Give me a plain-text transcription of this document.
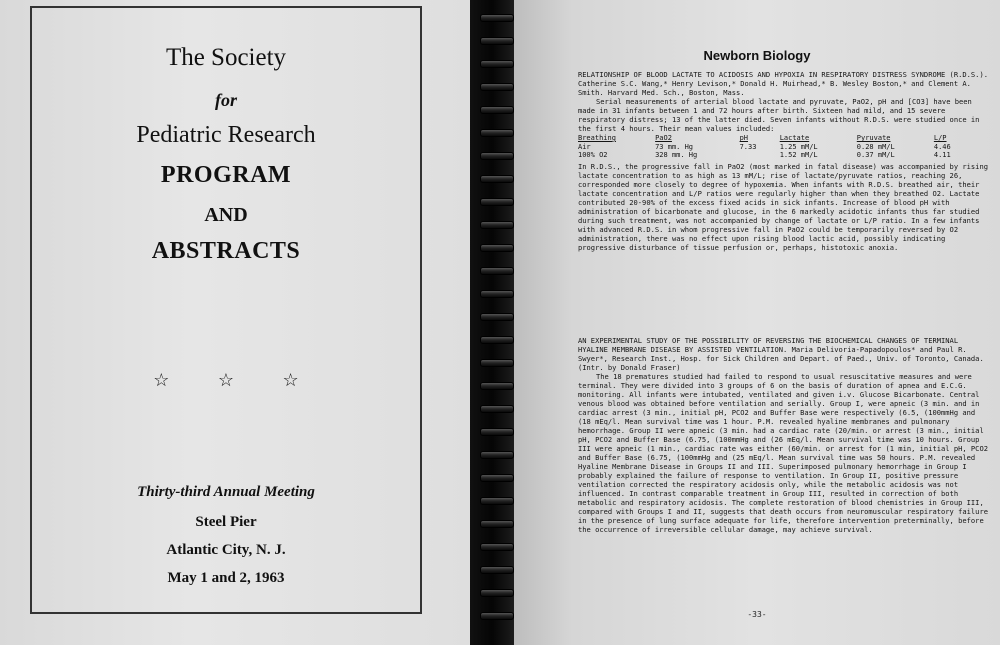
The Society
for
Pediatric Research
PROGRAM
AND
ABSTRACTS
☆ ☆ ☆
Thirty-third Annual Meeting
Steel Pier
Atlantic City, N. J.
May 1 and 2, 1963
Newborn Biology

RELATIONSHIP OF BLOOD LACTATE TO ACIDOSIS AND HYPOXIA IN RESPIRATORY DISTRESS SYNDROME (R.D.S.). Catherine S.C. Wang,* Henry Levison,* Donald H. Muirhead,* B. Wesley Boston,* and Clement A. Smith. Harvard Med. Sch., Boston, Mass.

Serial measurements of arterial blood lactate and pyruvate, PaO2, pH and [CO3] have been made in 31 infants between 1 and 72 hours after birth. Sixteen had mild, and 15 severe respiratory distress; 13 of the latter died. Seven infants without R.D.S. were studied once in the first 4 hours. Their mean values included:

Breathing	PaO2	pH	Lactate	Pyruvate	L/P
Air	73 mm. Hg	7.33	1.25 mM/L	0.28 mM/L	4.46
100% O2	328 mm. Hg		1.52 mM/L	0.37 mM/L	4.11

In R.D.S., the progressive fall in PaO2 (most marked in fatal disease) was accompanied by rising lactate concentration to as high as 13 mM/L; rise of lactate/pyruvate ratios, reaching 26, corresponded more closely to degree of hypoxemia. When infants with R.D.S. breathed air, their lactate concentration and L/P ratios were regularly higher than when they breathed O2. Lactate contributed 20-90% of the excess fixed acids in sick infants. Increase of blood pH with administration of bicarbonate and glucose, in the 6 markedly acidotic infants thus far studied during such treatment, was not accompanied by change of lactate or L/P ratio. In a few infants with advanced R.D.S. in whom progressive fall in PaO2 could be temporarily reversed by O2 administration, there was no effect upon rising blood lactic acid, possibly indicating progressive disturbance of tissue perfusion or, perhaps, histotoxic anoxia.

AN EXPERIMENTAL STUDY OF THE POSSIBILITY OF REVERSING THE BIOCHEMICAL CHANGES OF TERMINAL HYALINE MEMBRANE DISEASE BY ASSISTED VENTILATION. Maria Delivoria-Papadopoulos* and Paul R. Swyer*, Research Inst., Hosp. for Sick Children and Depart. of Paed., Univ. of Toronto, Canada. (Intr. by Donald Fraser)

The 18 prematures studied had failed to respond to usual resuscitative measures and were terminal. They were divided into 3 groups of 6 on the basis of duration of apnea and E.C.G. monitoring. All infants were intubated, ventilated and given i.v. Glucose Bicarbonate. Central venous blood was obtained before ventilation and serially. Group I, were apneic (3 min. and in cardiac arrest (3 min., initial pH, PCO2 and Buffer Base were respectively (6.5, (100mmHg and (18 mEq/l. Mean survival time was 1 hour. P.M. revealed hyaline membranes and pulmonary hemorrhage. Group II were apneic (3 min. had a cardiac rate (20/min. or arrest (3 min., initial pH, PCO2 and Buffer Base (6.75, (100mmHg and (26 mEq/l. Mean survival time was 10 hours. Group III were apneic (1 min., cardiac rate was either (60/min. or arrest for (1 min, initial pH, PCO2 and Buffer Base (6.75, (100mmHg and (25 mEq/l. Mean survival time was 50 hours. P.M. revealed Hyaline Membrane Disease in Groups II and III. Superimposed pulmonary hemorrhage in Group I probably explained the failure of response to ventilation. In Group II, positive pressure ventilation corrected the respiratory acidosis only, while the metabolic acidosis was not influenced. In contrast comparable treatment in Group III, resulted in correction of both metabolic and respiratory acidosis. The complete restoration of blood chemistries in Group III, compared with Groups I and II, suggests that death occurs from neuromuscular respiratory failure in the presence of lung surface adequate for life, therefore intervention preterminally, before the occurrence of irreversible cellular damage, may achieve survival.

-33-
